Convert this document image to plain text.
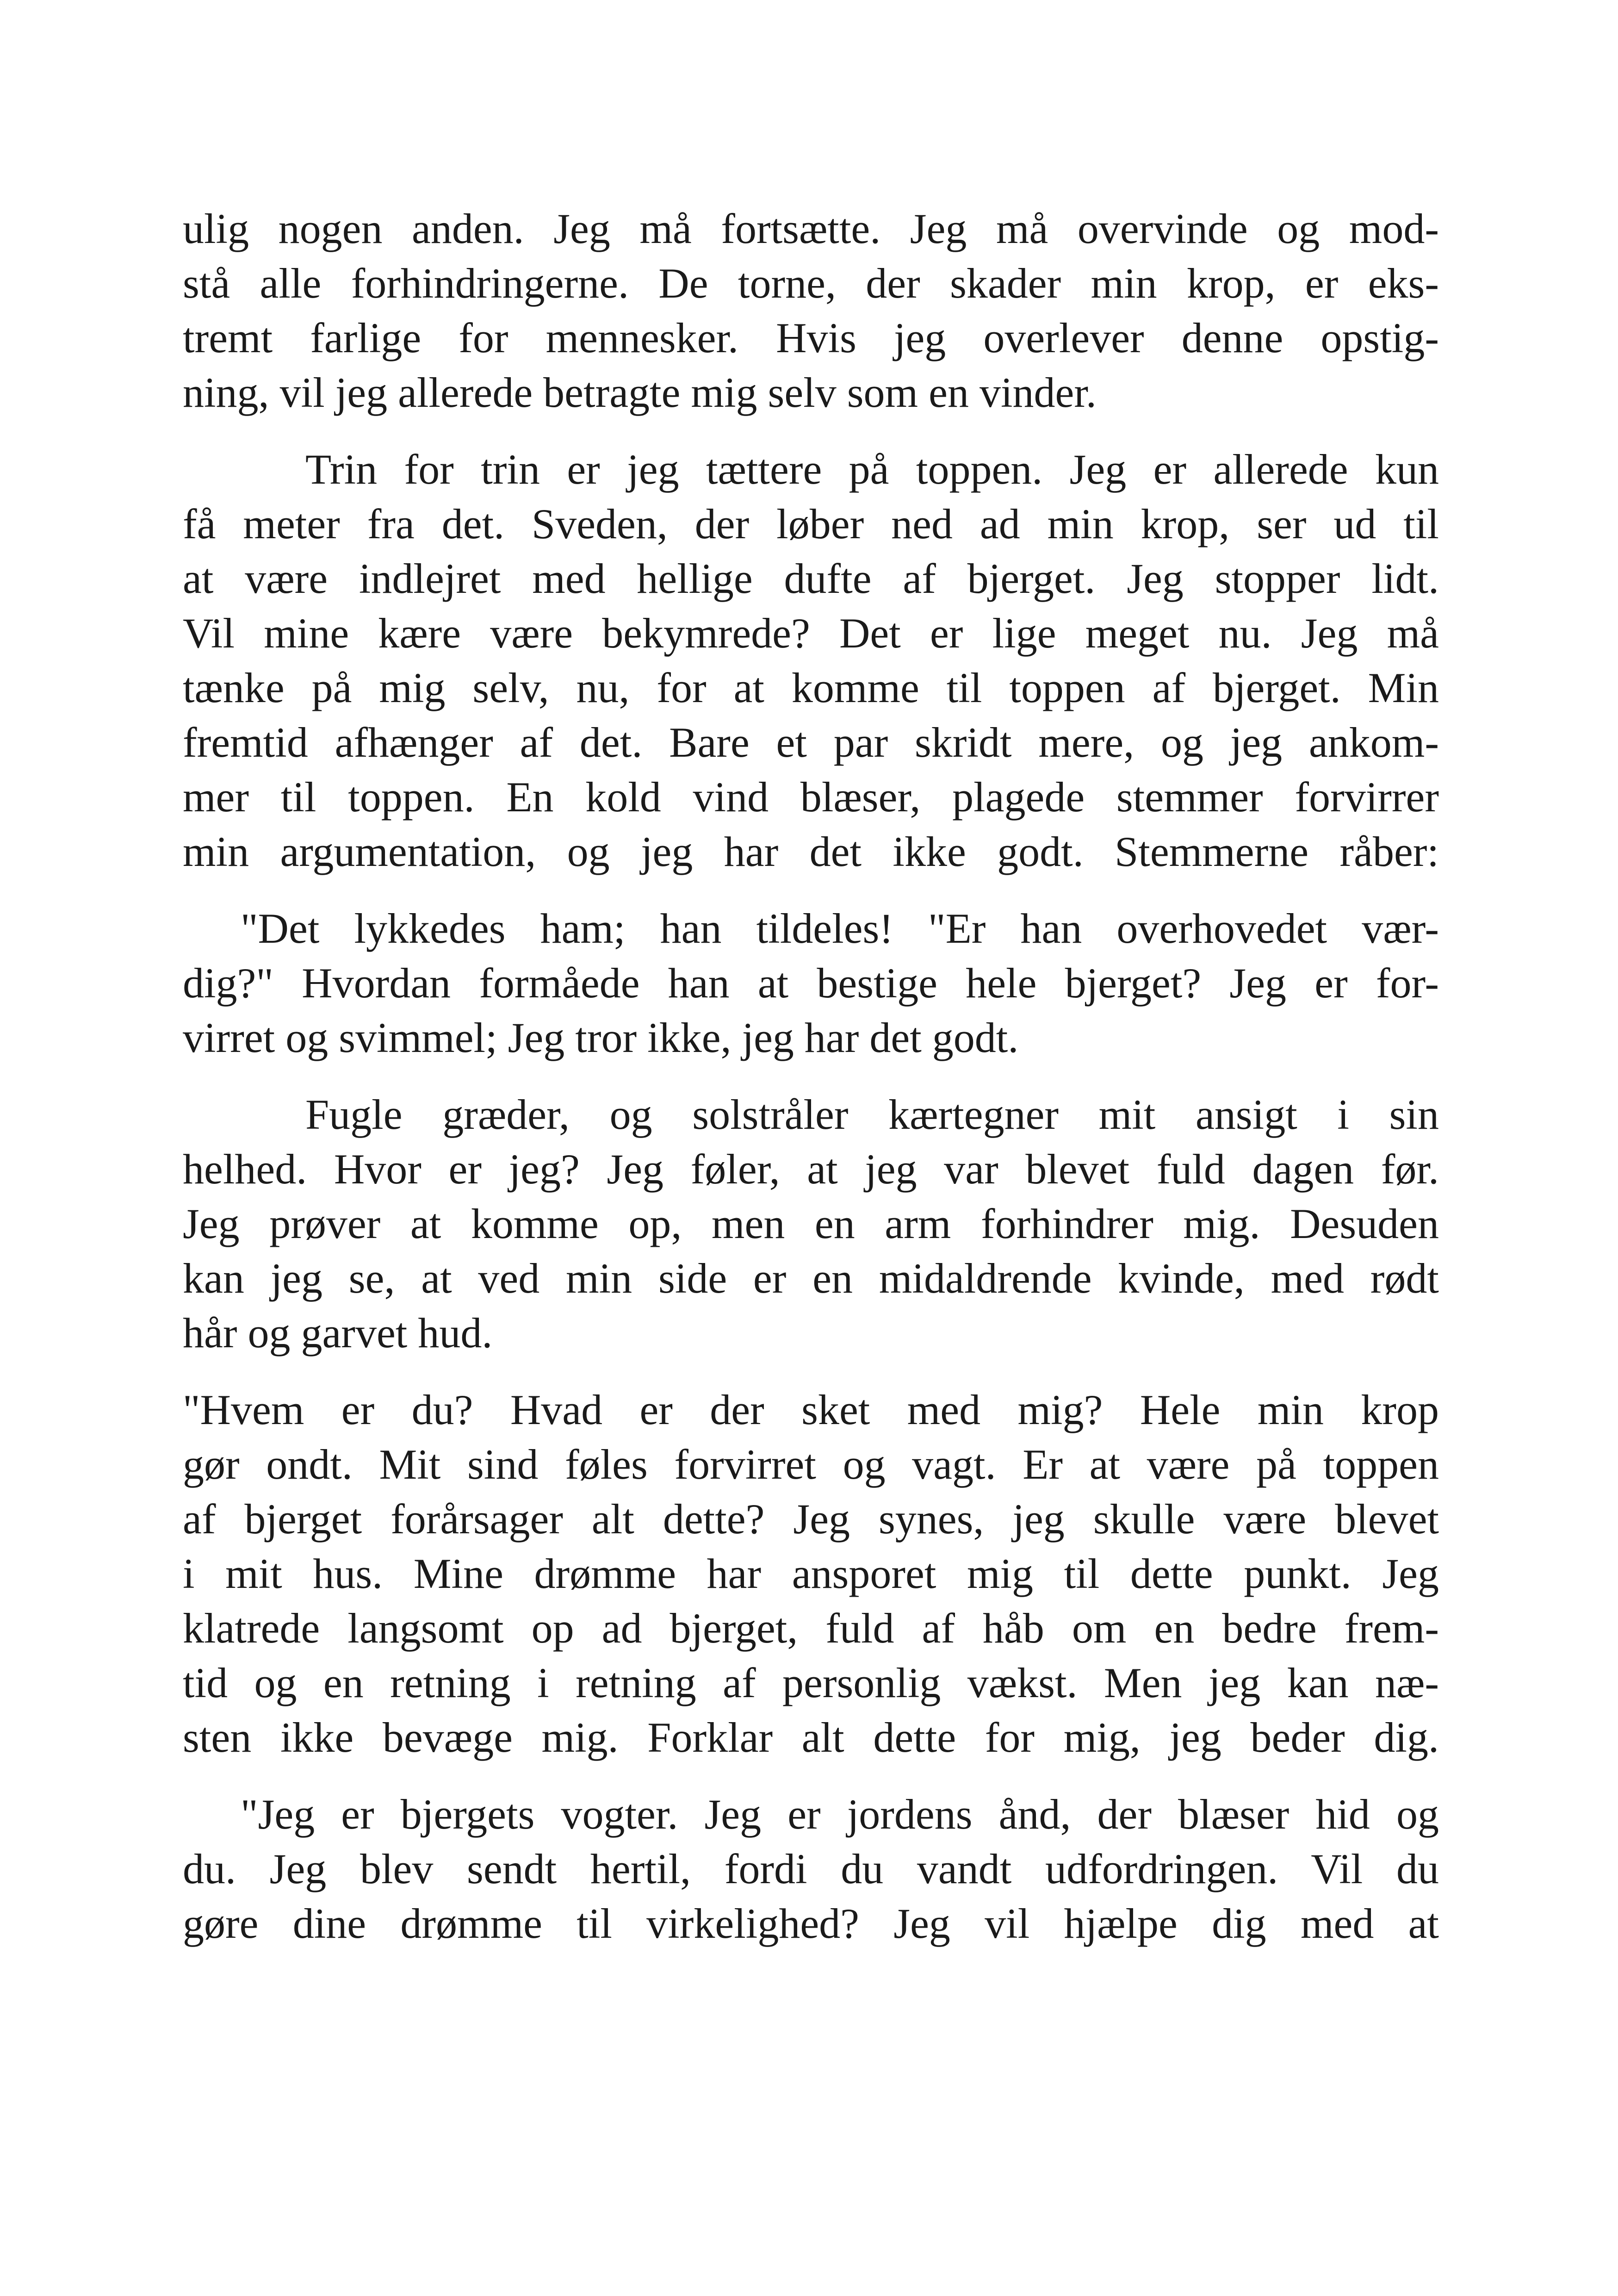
ulig nogen anden. Jeg må fortsætte. Jeg må overvinde og mod-
stå alle forhindringerne. De torne, der skader min krop, er eks-
tremt farlige for mennesker. Hvis jeg overlever denne opstig-
ning, vil jeg allerede betragte mig selv som en vinder.
Trin for trin er jeg tættere på toppen. Jeg er allerede kun
få meter fra det. Sveden, der løber ned ad min krop, ser ud til
at være indlejret med hellige dufte af bjerget. Jeg stopper lidt.
Vil mine kære være bekymrede? Det er lige meget nu. Jeg må
tænke på mig selv, nu, for at komme til toppen af bjerget. Min
fremtid afhænger af det. Bare et par skridt mere, og jeg ankom-
mer til toppen. En kold vind blæser, plagede stemmer forvirrer
min argumentation, og jeg har det ikke godt. Stemmerne råber:
"Det lykkedes ham; han tildeles! "Er han overhovedet vær-
dig?" Hvordan formåede han at bestige hele bjerget? Jeg er for-
virret og svimmel; Jeg tror ikke, jeg har det godt.
Fugle græder, og solstråler kærtegner mit ansigt i sin
helhed. Hvor er jeg? Jeg føler, at jeg var blevet fuld dagen før.
Jeg prøver at komme op, men en arm forhindrer mig. Desuden
kan jeg se, at ved min side er en midaldrende kvinde, med rødt
hår og garvet hud.
"Hvem er du? Hvad er der sket med mig? Hele min krop
gør ondt. Mit sind føles forvirret og vagt. Er at være på toppen
af bjerget forårsager alt dette? Jeg synes, jeg skulle være blevet
i mit hus. Mine drømme har ansporet mig til dette punkt. Jeg
klatrede langsomt op ad bjerget, fuld af håb om en bedre frem-
tid og en retning i retning af personlig vækst. Men jeg kan næ-
sten ikke bevæge mig. Forklar alt dette for mig, jeg beder dig.
"Jeg er bjergets vogter. Jeg er jordens ånd, der blæser hid og
du. Jeg blev sendt hertil, fordi du vandt udfordringen. Vil du
gøre dine drømme til virkelighed? Jeg vil hjælpe dig med at
